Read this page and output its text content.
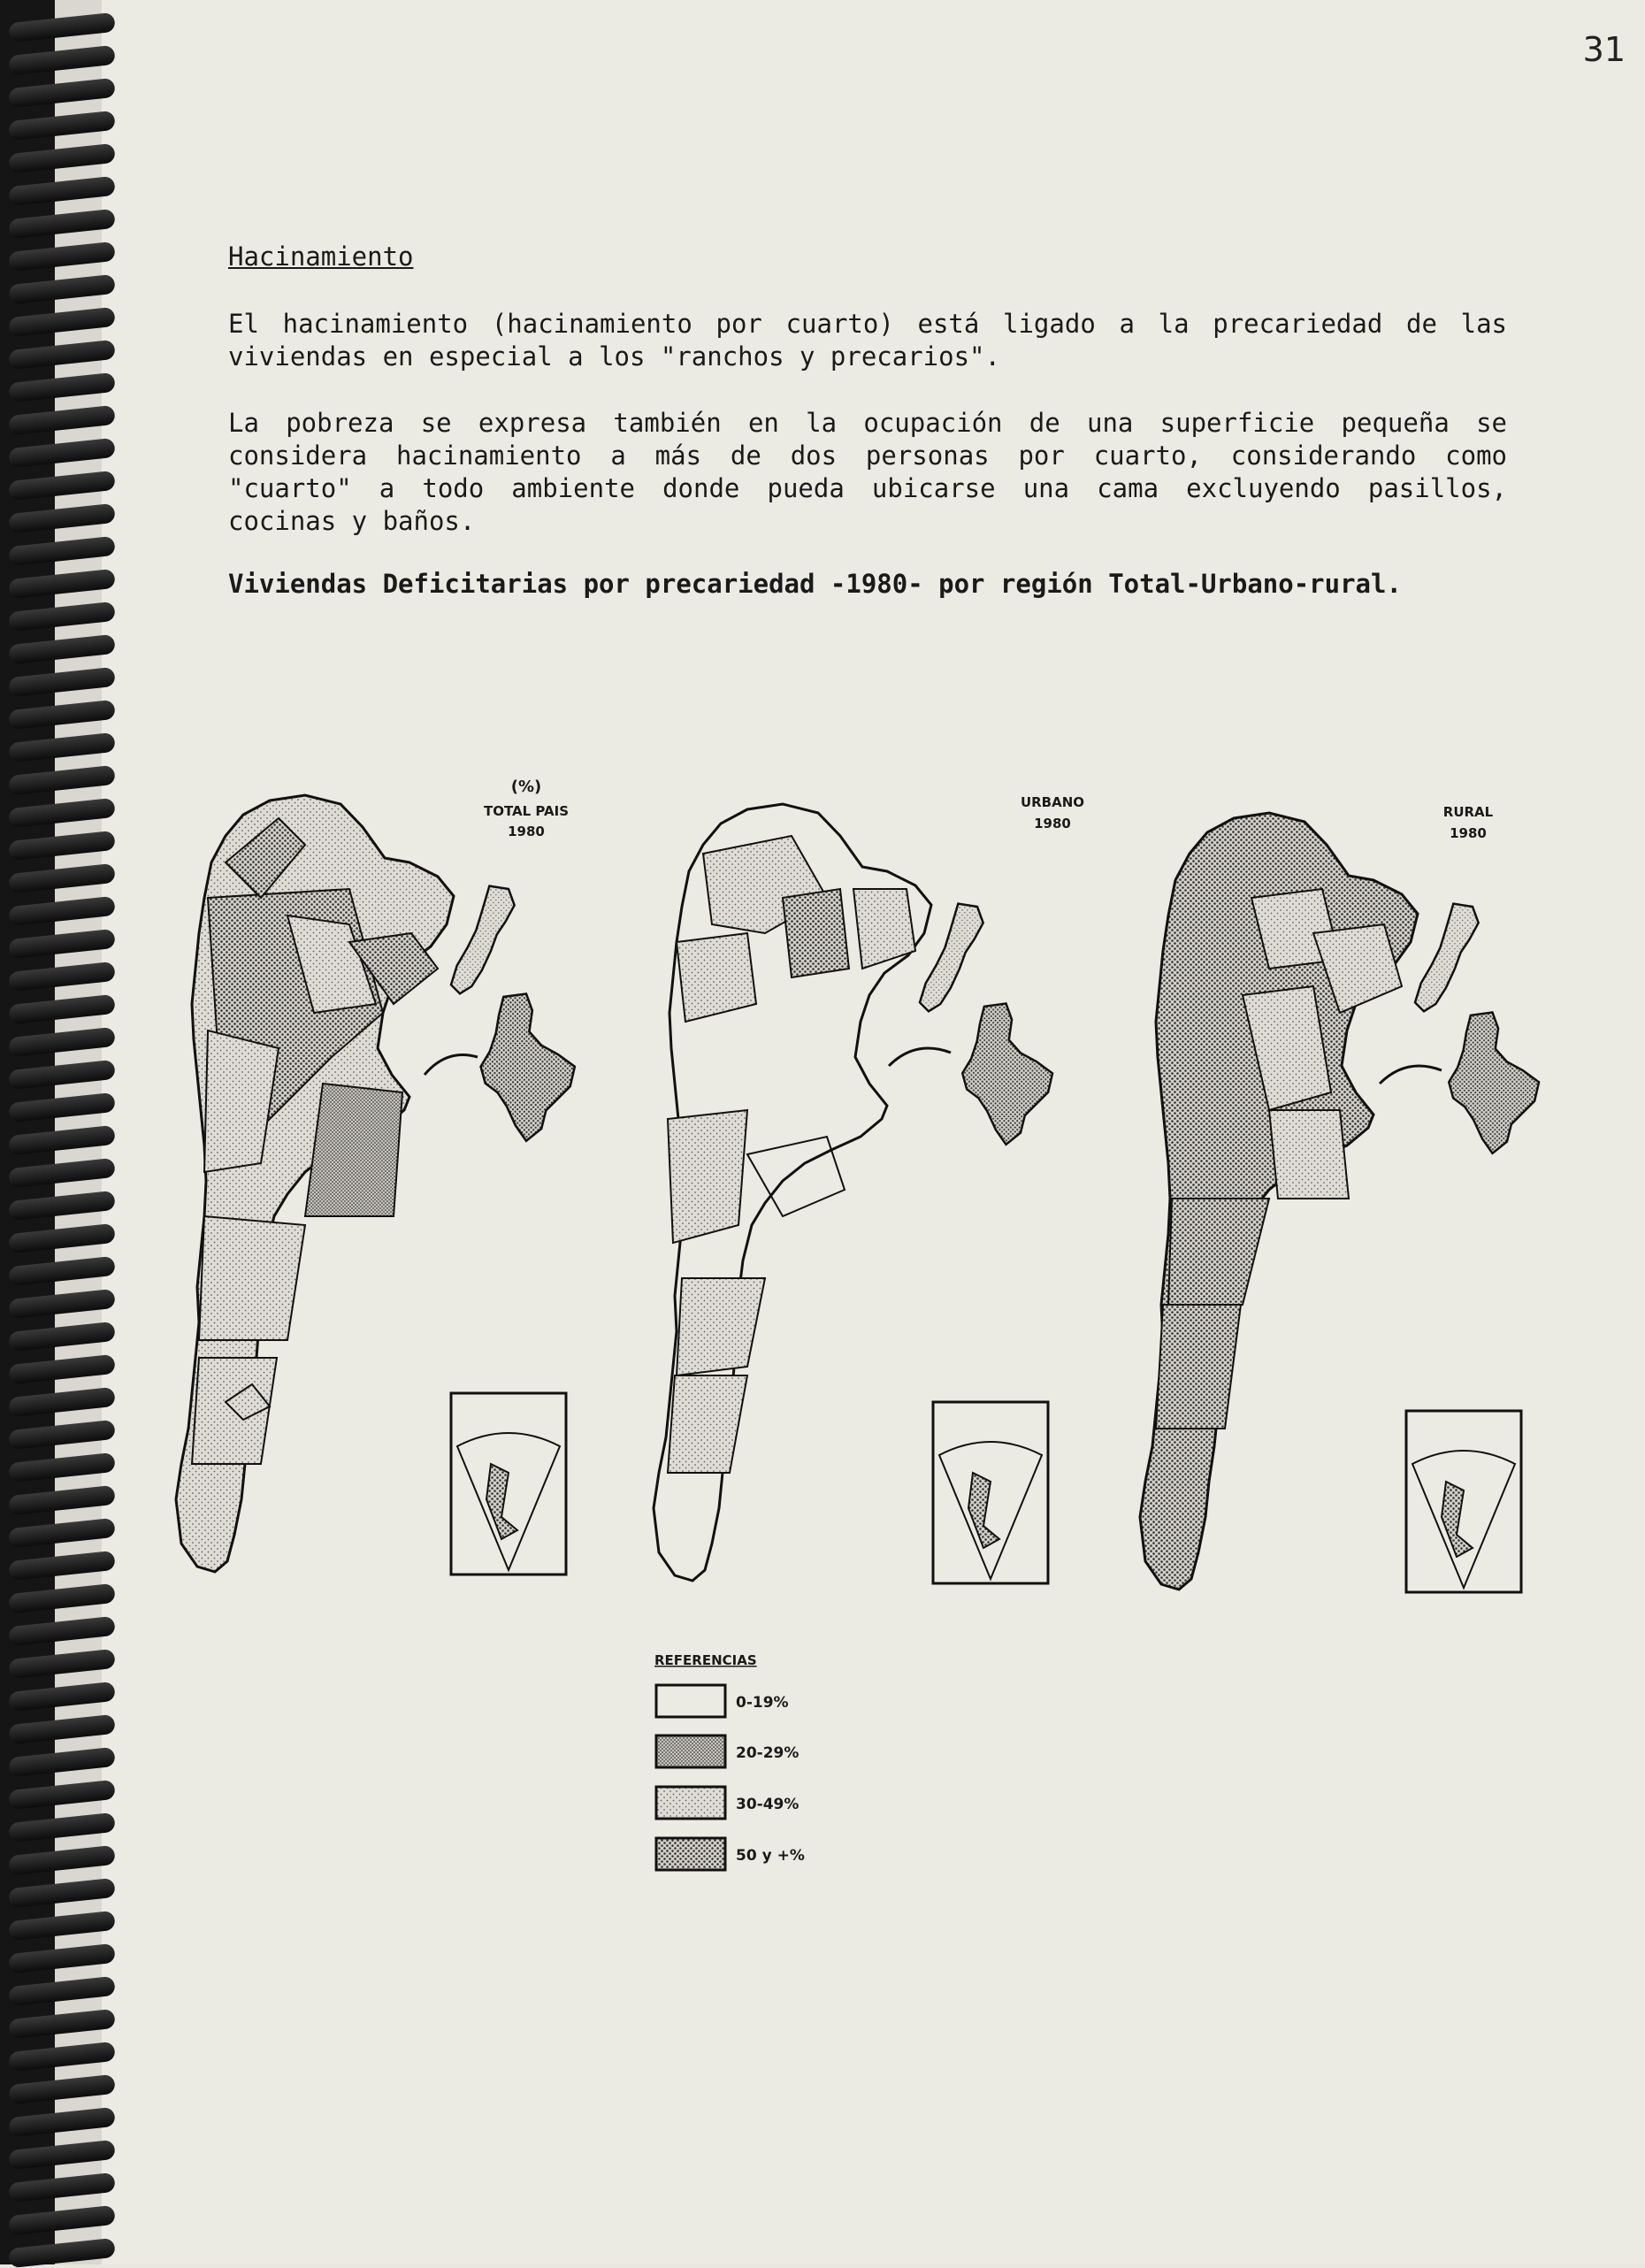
31
Hacinamiento

El hacinamiento (hacinamiento por cuarto) está ligado a la precariedad de las viviendas en especial a los "ranchos y precarios".

La pobreza se expresa también en la ocupación de una superficie pequeña se considera hacinamiento a más de dos personas por cuarto, considerando como "cuarto" a todo ambiente donde pueda ubicarse una cama excluyendo pasillos, cocinas y baños.

Viviendas Deficitarias por precariedad -1980- por región Total-Urbano-rural.
(%)
TOTAL PAIS
1980
URBANO
1980
RURAL
1980
REFERENCIAS
0-19%
20-29%
30-49%
50 y +%
